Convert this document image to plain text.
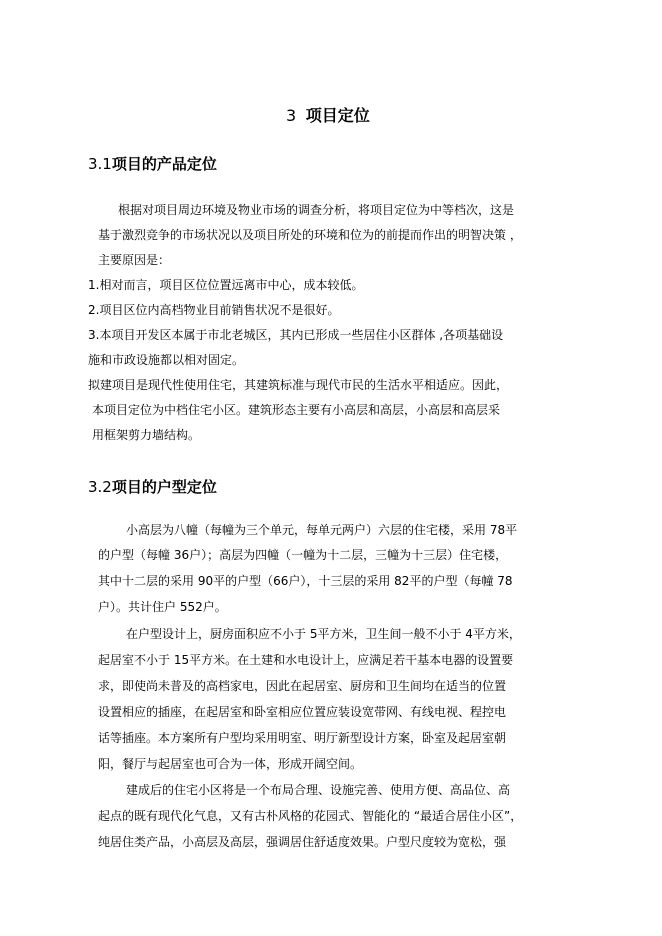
3 项目定位
3.1项目的产品定位
根据对项目周边环境及物业市场的调查分析，将项目定位为中等档次，这是
基于激烈竞争的市场状况以及项目所处的环境和位为的前提而作出的明智决策 ，
主要原因是：
1.相对而言，项目区位位置远离市中心，成本较低。
2.项目区位内高档物业目前销售状况不是很好。
3.本项目开发区本属于市北老城区，其内已形成一些居住小区群体 ,各项基础设
施和市政设施都以相对固定。
拟建项目是现代性使用住宅，其建筑标准与现代市民的生活水平相适应。因此，
本项目定位为中档住宅小区。建筑形态主要有小高层和高层，小高层和高层采
用框架剪力墙结构。
3.2项目的户型定位
小高层为八幢（每幢为三个单元，每单元两户）六层的住宅楼，采用 78平
的户型（每幢 36户）；高层为四幢（一幢为十二层，三幢为十三层）住宅楼，
其中十二层的采用 90平的户型（66户），十三层的采用 82平的户型（每幢 78
户）。共计住户 552户。
在户型设计上，厨房面积应不小于 5平方米，卫生间一般不小于 4平方米，
起居室不小于 15平方米。在土建和水电设计上，应满足若干基本电器的设置要
求，即使尚未普及的高档家电，因此在起居室、厨房和卫生间均在适当的位置
设置相应的插座，在起居室和卧室相应位置应装设宽带网、有线电视、程控电
话等插座。本方案所有户型均采用明室、明厅新型设计方案，卧室及起居室朝
阳，餐厅与起居室也可合为一体，形成开阔空间。
建成后的住宅小区将是一个布局合理、设施完善、使用方便、高品位、高
起点的既有现代化气息，又有古朴风格的花园式、智能化的 “最适合居住小区”，
纯居住类产品，小高层及高层，强调居住舒适度效果。户型尺度较为宽松，强
